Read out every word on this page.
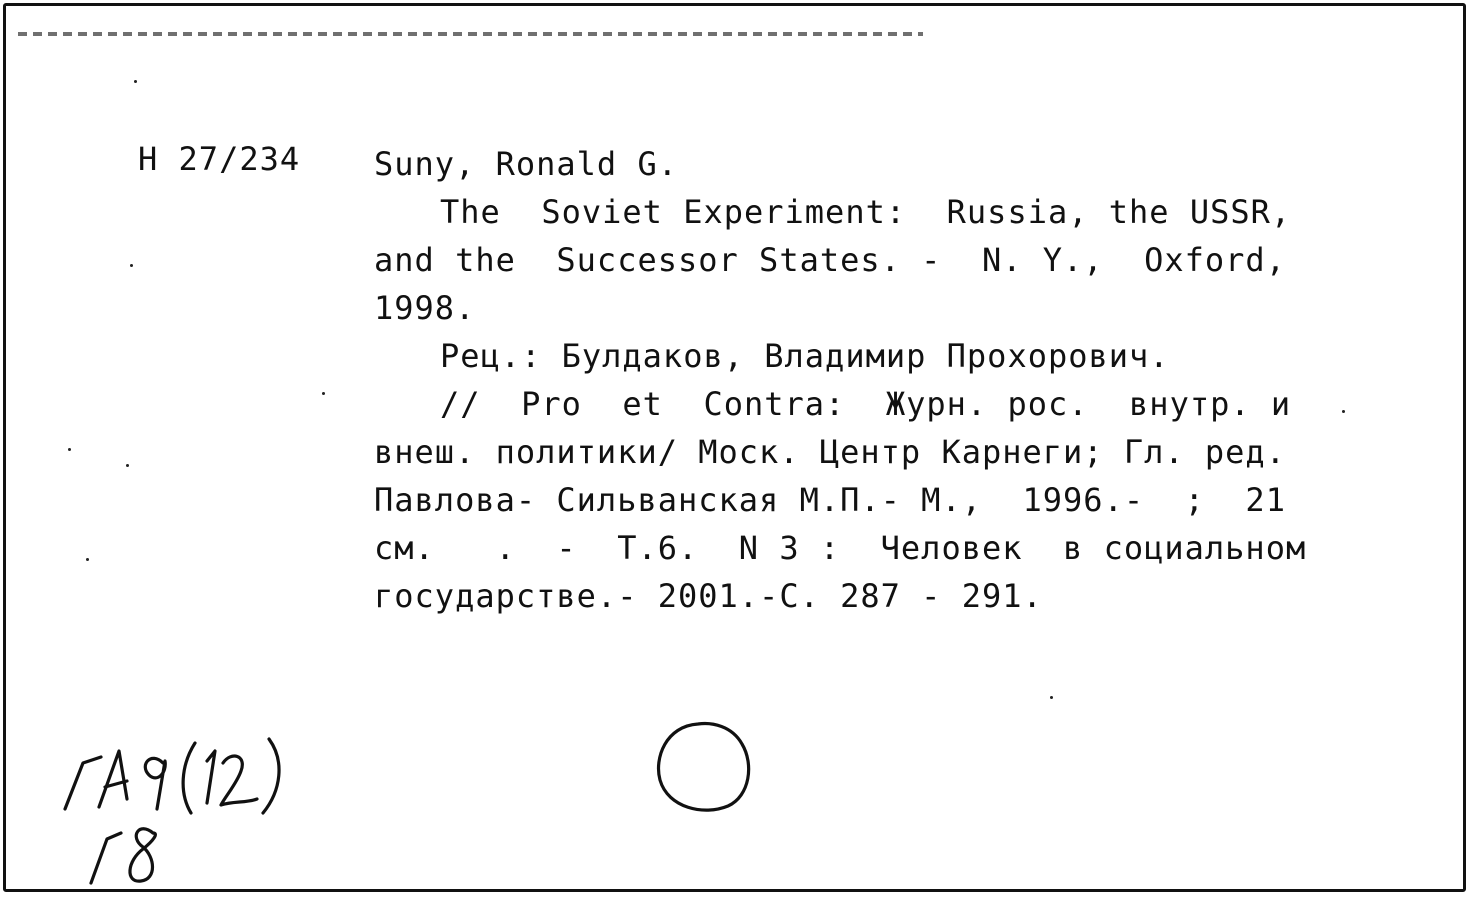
Н 27/234 Suny, Ronald G.
The  Soviet Experiment:  Russia, the USSR,
and the  Successor States. -  N. Y.,  Oxford,
1998.
Рец.: Булдаков, Владимир Прохорович.
//  Pro  et  Contra:  Журн. рос.  внутр. и
внеш. политики/ Моск. Центр Карнеги; Гл. ред.
Павлова- Сильванская М.П.- М.,  1996.-  ;  21
см.   .  -  Т.6.  N 3 :  Человек  в социальном
государстве.- 2001.-С. 287 - 291.
